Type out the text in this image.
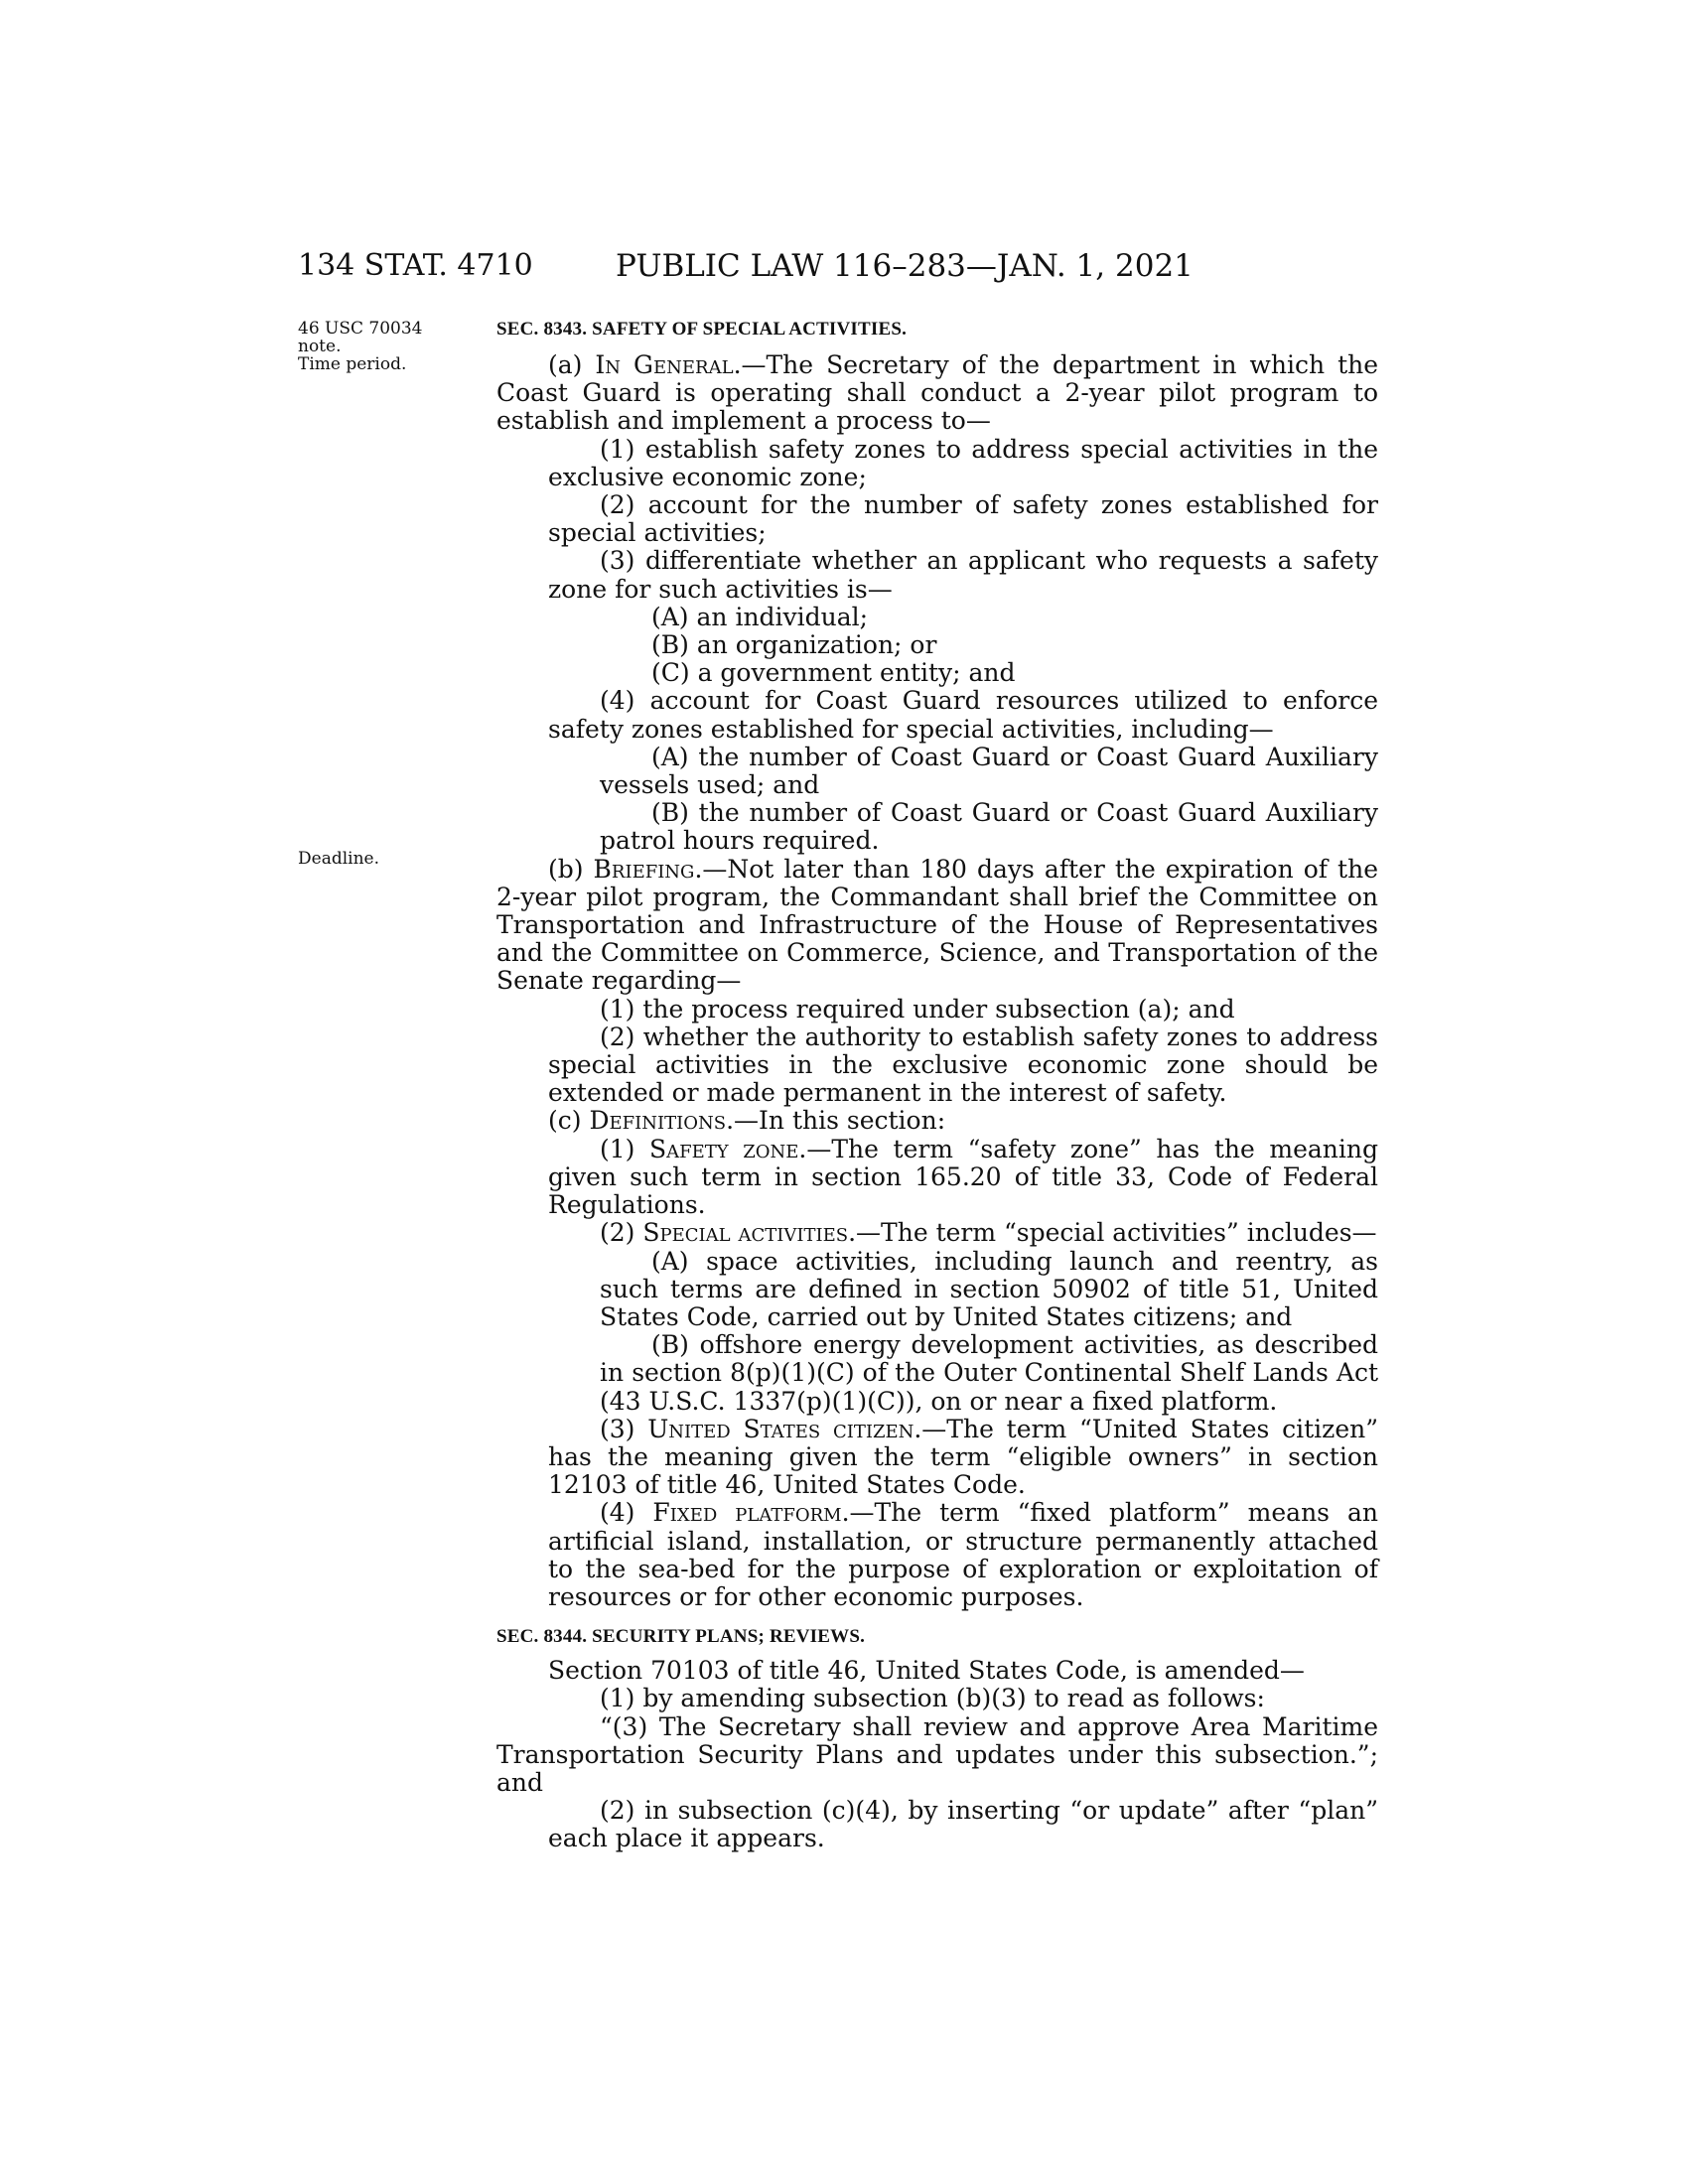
134 STAT. 4710	PUBLIC LAW 116–283—JAN. 1, 2021
46 USC 70034
note.
Time period.
Deadline.

SEC. 8343. SAFETY OF SPECIAL ACTIVITIES.

(a) In General.—The Secretary of the department in which the Coast Guard is operating shall conduct a 2-year pilot program to establish and implement a process to—

(1) establish safety zones to address special activities in the exclusive economic zone;

(2) account for the number of safety zones established for special activities;

(3) differentiate whether an applicant who requests a safety zone for such activities is—

(A) an individual;

(B) an organization; or

(C) a government entity; and

(4) account for Coast Guard resources utilized to enforce safety zones established for special activities, including—

(A) the number of Coast Guard or Coast Guard Auxiliary vessels used; and

(B) the number of Coast Guard or Coast Guard Auxiliary patrol hours required.

(b) Briefing.—Not later than 180 days after the expiration of the 2-year pilot program, the Commandant shall brief the Committee on Transportation and Infrastructure of the House of Representatives and the Committee on Commerce, Science, and Transportation of the Senate regarding—

(1) the process required under subsection (a); and

(2) whether the authority to establish safety zones to address special activities in the exclusive economic zone should be extended or made permanent in the interest of safety.

(c) Definitions.—In this section:

(1) Safety zone.—The term “safety zone” has the meaning given such term in section 165.20 of title 33, Code of Federal Regulations.

(2) Special activities.—The term “special activities” includes—

(A) space activities, including launch and reentry, as such terms are defined in section 50902 of title 51, United States Code, carried out by United States citizens; and

(B) offshore energy development activities, as described in section 8(p)(1)(C) of the Outer Continental Shelf Lands Act (43 U.S.C. 1337(p)(1)(C)), on or near a fixed platform.

(3) United States citizen.—The term “United States citizen” has the meaning given the term “eligible owners” in section 12103 of title 46, United States Code.

(4) Fixed platform.—The term “fixed platform” means an artificial island, installation, or structure permanently attached to the sea-bed for the purpose of exploration or exploitation of resources or for other economic purposes.

SEC. 8344. SECURITY PLANS; REVIEWS.

Section 70103 of title 46, United States Code, is amended—

(1) by amending subsection (b)(3) to read as follows:

“(3) The Secretary shall review and approve Area Maritime Transportation Security Plans and updates under this subsection.”; and

(2) in subsection (c)(4), by inserting “or update” after “plan” each place it appears.
